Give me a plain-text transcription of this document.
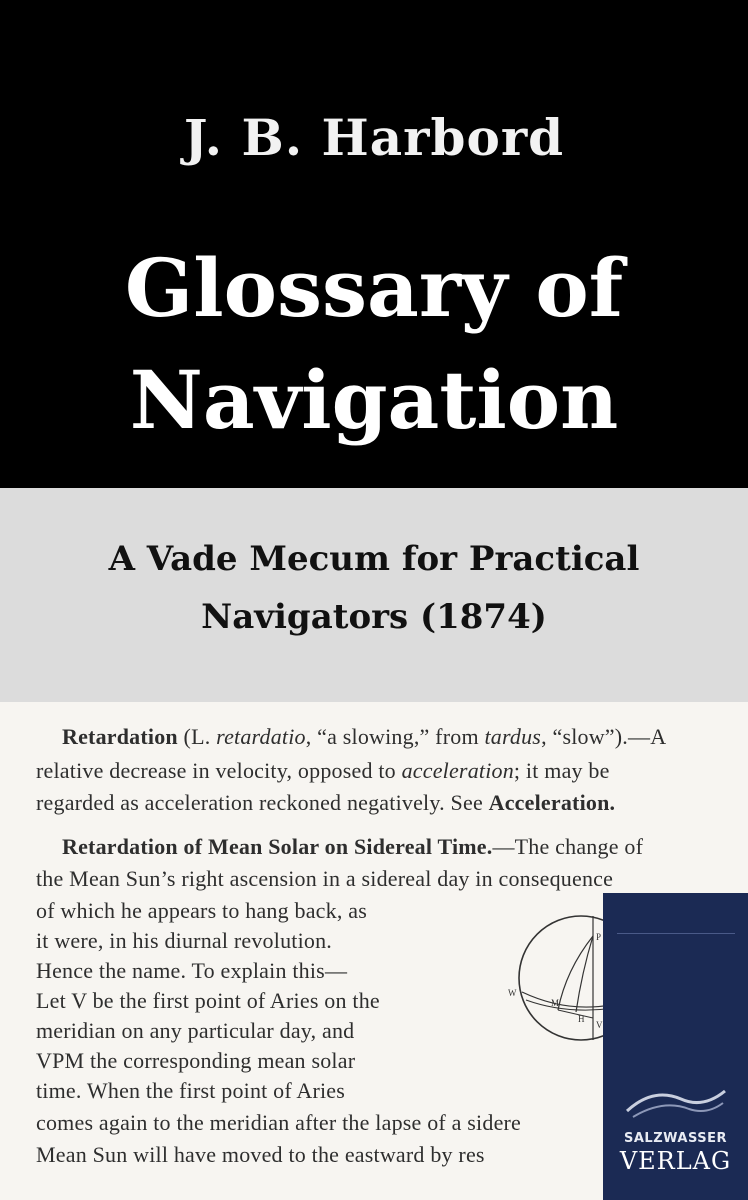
J. B. Harbord
Glossary of
Navigation
A Vade Mecum for Practical
Navigators (1874)
Retardation (L. retardatio, “a slowing,” from tardus, “slow”).—A
relative decrease in velocity, opposed to acceleration; it may be
regarded as acceleration reckoned negatively. See Acceleration.
Retardation of Mean Solar on Sidereal Time.—The change of
the Mean Sun’s right ascension in a sidereal day in consequence
of which he appears to hang back, as
it were, in his diurnal revolution.
Hence the name. To explain this—
Let V be the first point of Aries on the
meridian on any particular day, and
VPM the corresponding mean solar
time. When the first point of Aries
comes again to the meridian after the lapse of a sidere
Mean Sun will have moved to the eastward by res
P
W
M
H
V
SALZWASSER
VERLAG
